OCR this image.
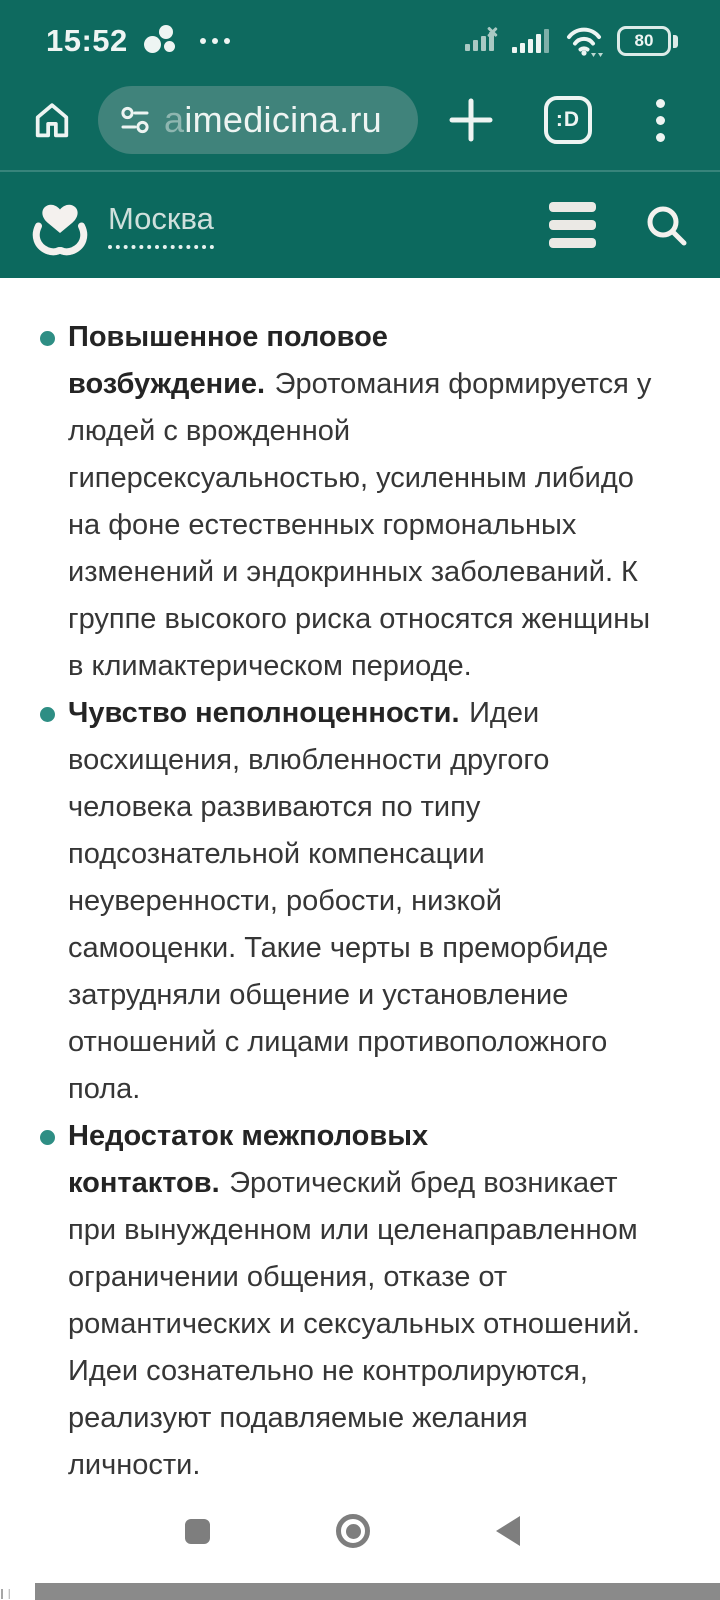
15:52	80
aimedicina.ru	:D
Москва
Повышенное половое возбуждение. Эротомания формируется у людей с врожденной гиперсексуальностью, усиленным либидо на фоне естественных гормональных изменений и эндокринных заболеваний. К группе высокого риска относятся женщины в климактерическом периоде.
Чувство неполноценности. Идеи восхищения, влюбленности другого человека развиваются по типу подсознательной компенсации неуверенности, робости, низкой самооценки. Такие черты в преморбиде затрудняли общение и установление отношений с лицами противоположного пола.
Недостаток межполовых контактов. Эротический бред возникает при вынужденном или целенаправленном ограничении общения, отказе от романтических и сексуальных отношений. Идеи сознательно не контролируются, реализуют подавляемые желания личности.
